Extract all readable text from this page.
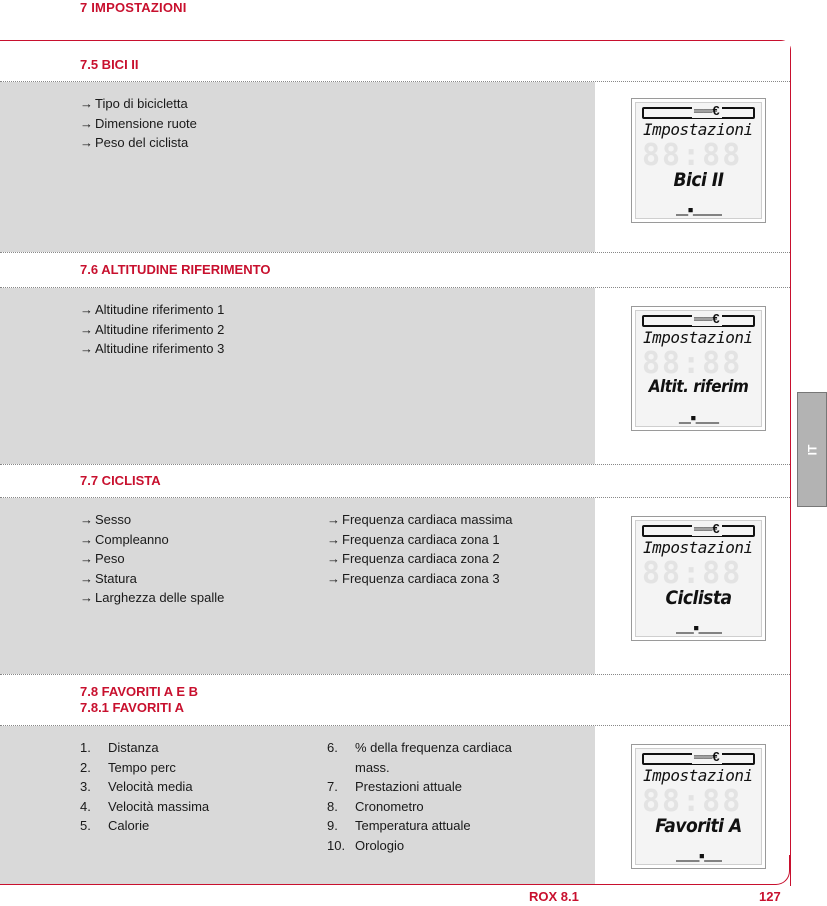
7 IMPOSTAZIONI
7.5 BICI II
→ Tipo di bicicletta
→ Dimensione ruote
→ Peso del ciclista	88:88
══€
Impostazioni
Bici II
__▪_____
7.6 ALTITUDINE RIFERIMENTO
→ Altitudine riferimento 1
→ Altitudine riferimento 2
→ Altitudine riferimento 3	88:88
══€
Impostazioni
Altit. riferim
__▪____
7.7 CICLISTA
→ Sesso
→ Compleanno
→ Peso
→ Statura
→ Larghezza delle spalle
→ Frequenza cardiaca massima
→ Frequenza cardiaca zona 1
→ Frequenza cardiaca zona 2
→ Frequenza cardiaca zona 3	88:88
══€
Impostazioni
Ciclista
___▪____
7.8 FAVORITI A E B
7.8.1 FAVORITI A
1. Distanza
2. Tempo perc
3. Velocità media
4. Velocità massima
5. Calorie
6. % della frequenza cardiaca
mass.
7. Prestazioni attuale
8. Cronometro
9. Temperatura attuale
10. Orologio
88:88
══€
Impostazioni
Favoriti A
____▪___
IT
ROX 8.1	127
